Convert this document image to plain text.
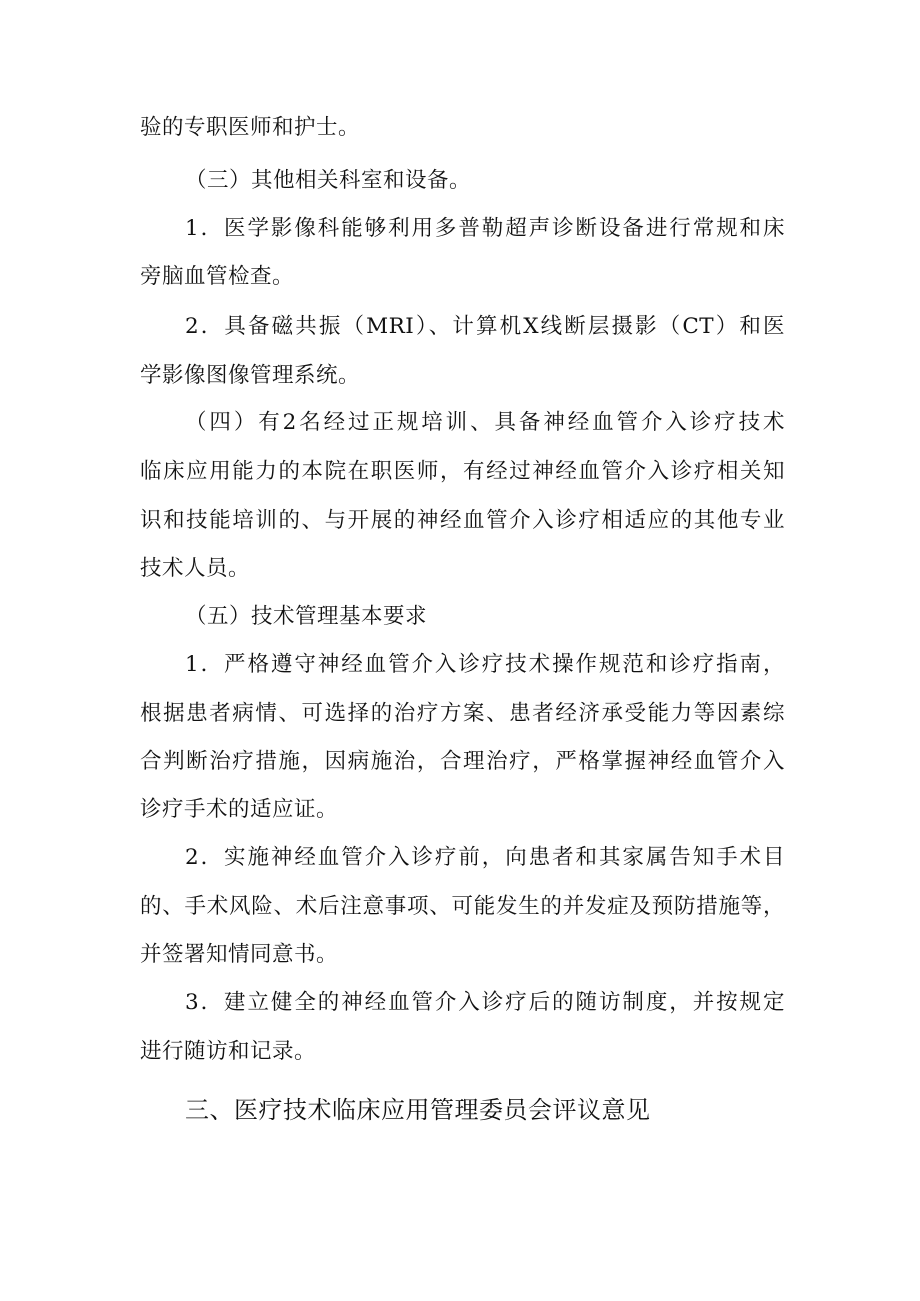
验的专职医师和护士。
（三）其他相关科室和设备。
1．医学影像科能够利用多普勒超声诊断设备进行常规和床
旁脑血管检查。
2．具备磁共振（MRI）、计算机X线断层摄影（CT）和医
学影像图像管理系统。
（四）有2名经过正规培训、具备神经血管介入诊疗技术
临床应用能力的本院在职医师，有经过神经血管介入诊疗相关知
识和技能培训的、与开展的神经血管介入诊疗相适应的其他专业
技术人员。
（五）技术管理基本要求
1．严格遵守神经血管介入诊疗技术操作规范和诊疗指南，
根据患者病情、可选择的治疗方案、患者经济承受能力等因素综
合判断治疗措施，因病施治，合理治疗，严格掌握神经血管介入
诊疗手术的适应证。
2．实施神经血管介入诊疗前，向患者和其家属告知手术目
的、手术风险、术后注意事项、可能发生的并发症及预防措施等，
并签署知情同意书。
3．建立健全的神经血管介入诊疗后的随访制度，并按规定
进行随访和记录。
三、医疗技术临床应用管理委员会评议意见
